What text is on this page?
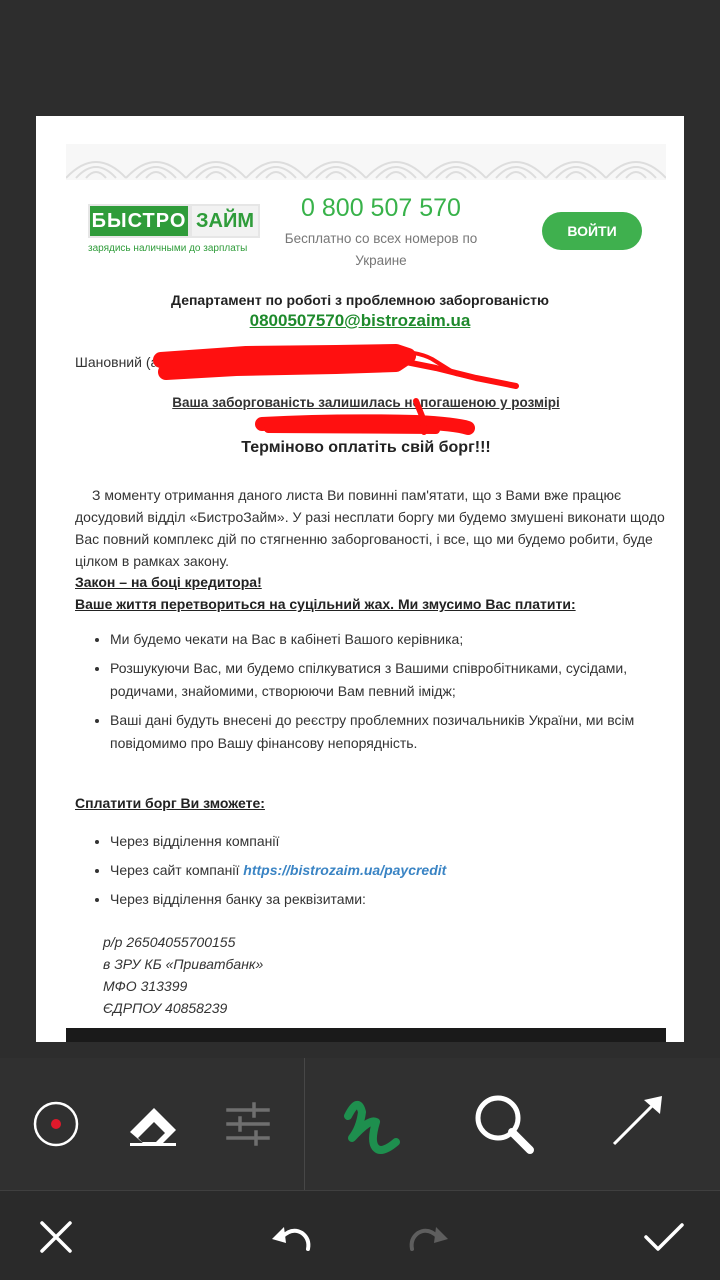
БЫСТРО ЗАЙМ
зарядись наличными до зарплаты
0 800 507 570
Бесплатно со всех номеров по Украине
ВОЙТИ
Департамент по роботі з проблемною заборгованістю
0800507570@bistrozaim.ua
Шановний (а)
Ваша заборгованість залишилась непогашеною у розмірі
Терміново оплатіть свій борг!!!

З моменту отримання даного листа Ви повинні пам'ятати, що з Вами вже працює досудовий відділ «БистроЗайм». У разі несплати боргу ми будемо змушені виконати щодо Вас повний комплекс дій по стягненню заборгованості, і все, що ми будемо робити, буде цілком в рамках закону.

Закон – на боці кредитора!
Ваше життя перетвориться на суцільний жах. Ми змусимо Вас платити:
• Ми будемо чекати на Вас в кабінеті Вашого керівника;
• Розшукуючи Вас, ми будемо спілкуватися з Вашими співробітниками, сусідами, родичами, знайомими, створюючи Вам певний імідж;
• Ваші дані будуть внесені до реєстру проблемних позичальників України, ми всім повідомимо про Вашу фінансову непорядність.
Сплатити борг Ви зможете:
• Через відділення компанії
• Через сайт компанії https://bistrozaim.ua/paycredit
• Через відділення банку за реквізитами:
р/р 26504055700155
в ЗРУ КБ «Приватбанк»
МФО 313399
ЄДРПОУ 40858239
